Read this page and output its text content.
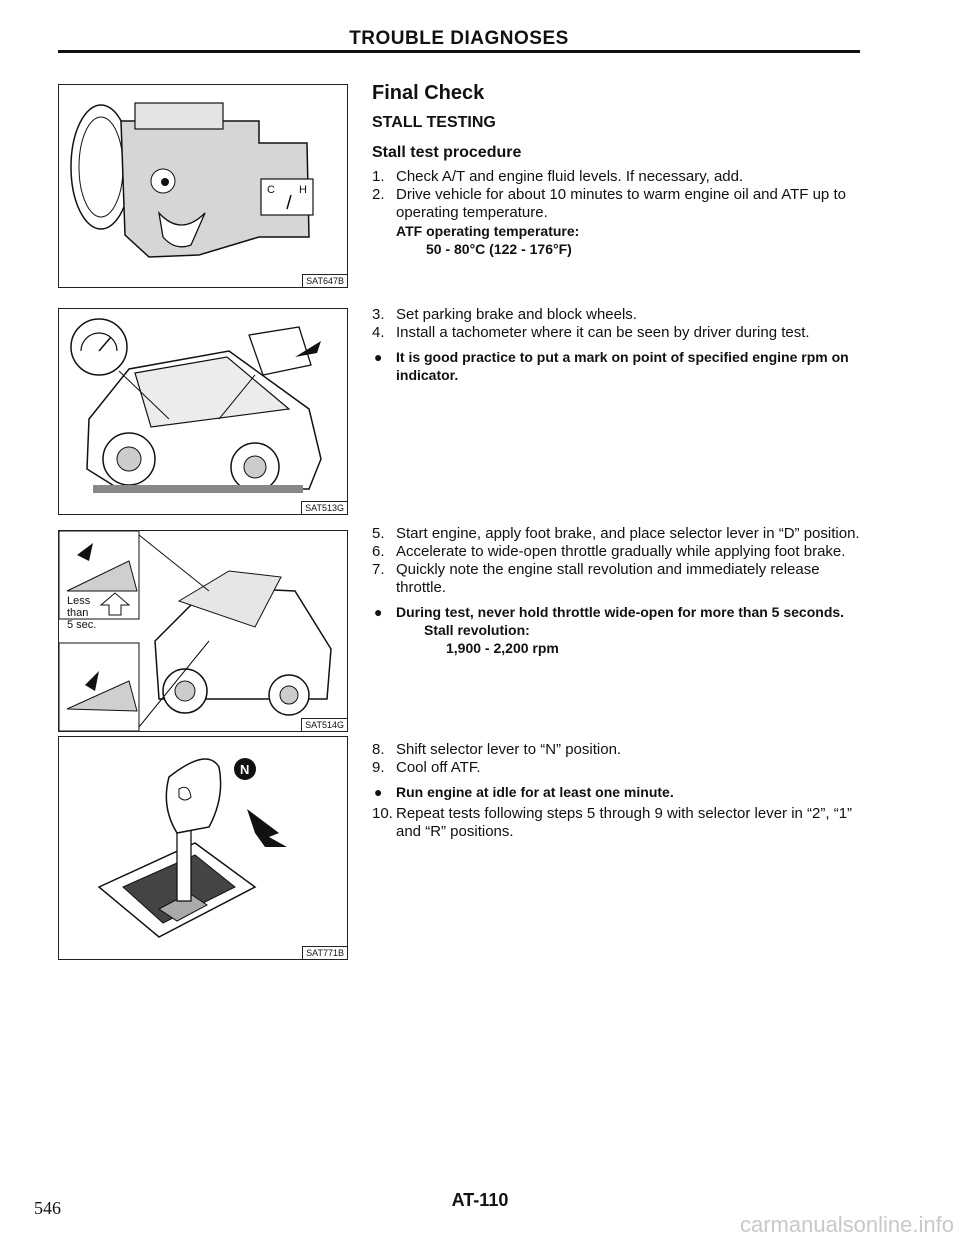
TROUBLE DIAGNOSES
C H
SAT647B
SAT513G
Less
than
5 sec.
SAT514G
N
SAT771B
Final Check
STALL TESTING
Stall test procedure
1. Check A/T and engine fluid levels. If necessary, add.
2. Drive vehicle for about 10 minutes to warm engine oil and ATF up to operating temperature.
ATF operating temperature:
50 - 80°C (122 - 176°F)
3. Set parking brake and block wheels.
4. Install a tachometer where it can be seen by driver during test.
● It is good practice to put a mark on point of specified engine rpm on indicator.
5. Start engine, apply foot brake, and place selector lever in “D” position.
6. Accelerate to wide-open throttle gradually while applying foot brake.
7. Quickly note the engine stall revolution and immediately release throttle.
● During test, never hold throttle wide-open for more than 5 seconds.
Stall revolution:
1,900 - 2,200 rpm
8. Shift selector lever to “N” position.
9. Cool off ATF.
● Run engine at idle for at least one minute.
10. Repeat tests following steps 5 through 9 with selector lever in “2”, “1” and “R” positions.
546	AT-110
carmanualsonline.info
